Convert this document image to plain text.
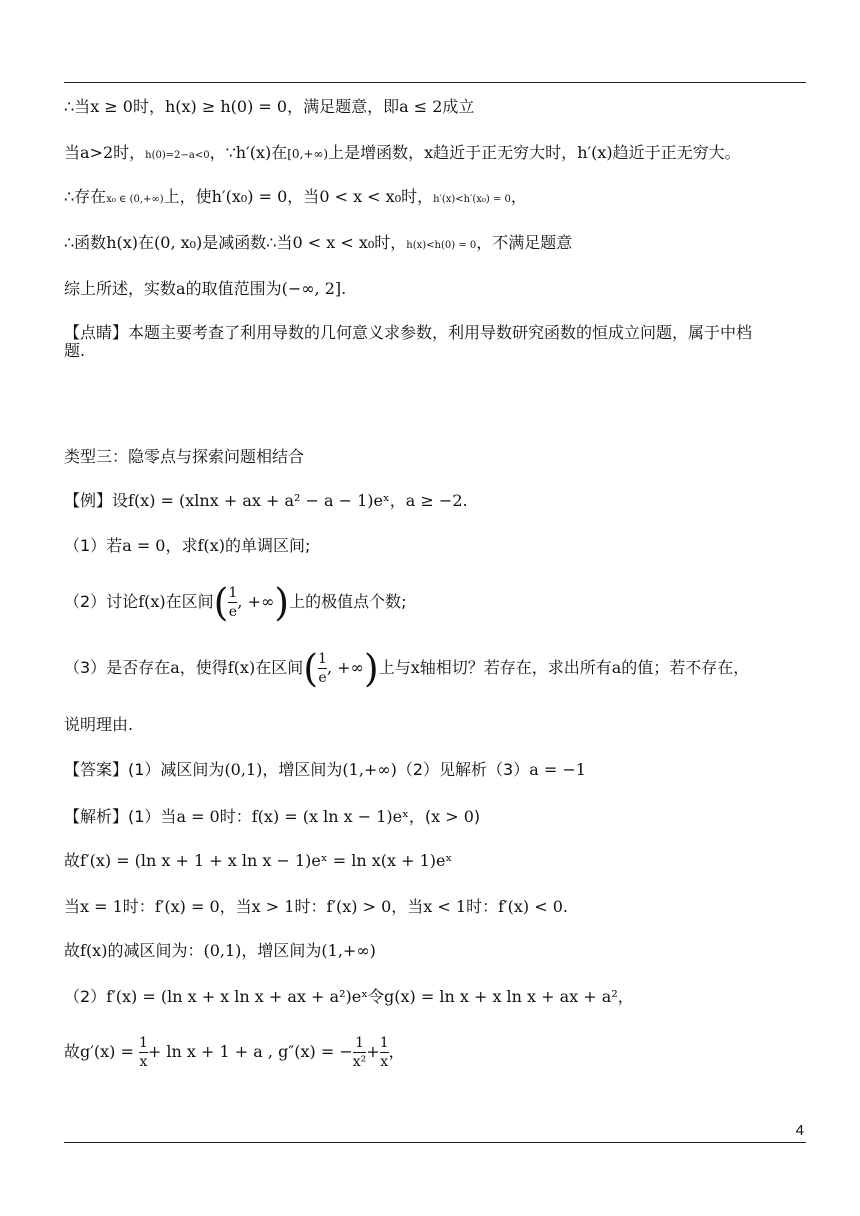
∴当x ≥ 0时，h(x) ≥ h(0) = 0，满足题意，即a ≤ 2成立
当a>2时，h(0)=2−a<0，∵h′(x)在[0,+∞)上是增函数，x趋近于正无穷大时，h′(x)趋近于正无穷大。
∴存在x₀ ∈ (0,+∞)上，使h′(x₀) = 0，当0 < x < x₀时，h′(x)<h′(x₀) = 0，
∴函数h(x)在(0, x₀)是减函数∴当0 < x < x₀时，h(x)<h(0) = 0，不满足题意
综上所述，实数a的取值范围为(−∞, 2].
【点睛】本题主要考查了利用导数的几何意义求参数，利用导数研究函数的恒成立问题，属于中档
题.
类型三：隐零点与探索问题相结合
【例】设f(x) = (xlnx + ax + a² − a − 1)eˣ，a ≥ −2.
（1）若a = 0，求f(x)的单调区间;
（2）讨论f(x)在区间( $\frac{1}{e}$ , +∞)上的极值点个数;
（3）是否存在a，使得f(x)在区间( $\frac{1}{e}$ , +∞)上与x轴相切？若存在，求出所有a的值；若不存在，
说明理由.
【答案】(1）减区间为(0,1)，增区间为(1,+∞)（2）见解析（3）a = −1
【解析】(1）当a = 0时：f(x) = (x ln x − 1)eˣ，(x > 0)
故f′(x) = (ln x + 1 + x ln x − 1)eˣ = ln x(x + 1)eˣ
当x = 1时：f′(x) = 0，当x > 1时：f′(x) > 0，当x < 1时：f′(x) < 0.
故f(x)的减区间为：(0,1)，增区间为(1,+∞)
（2）f′(x) = (ln x + x ln x + ax + a²)eˣ令g(x) = ln x + x ln x + ax + a²，
故$g'(x) = \frac{1}{x} + \ln x + 1 + a$ , g″(x) = − $\frac{1}{\text{x²}} + \frac{1}{x}$ ，
4
